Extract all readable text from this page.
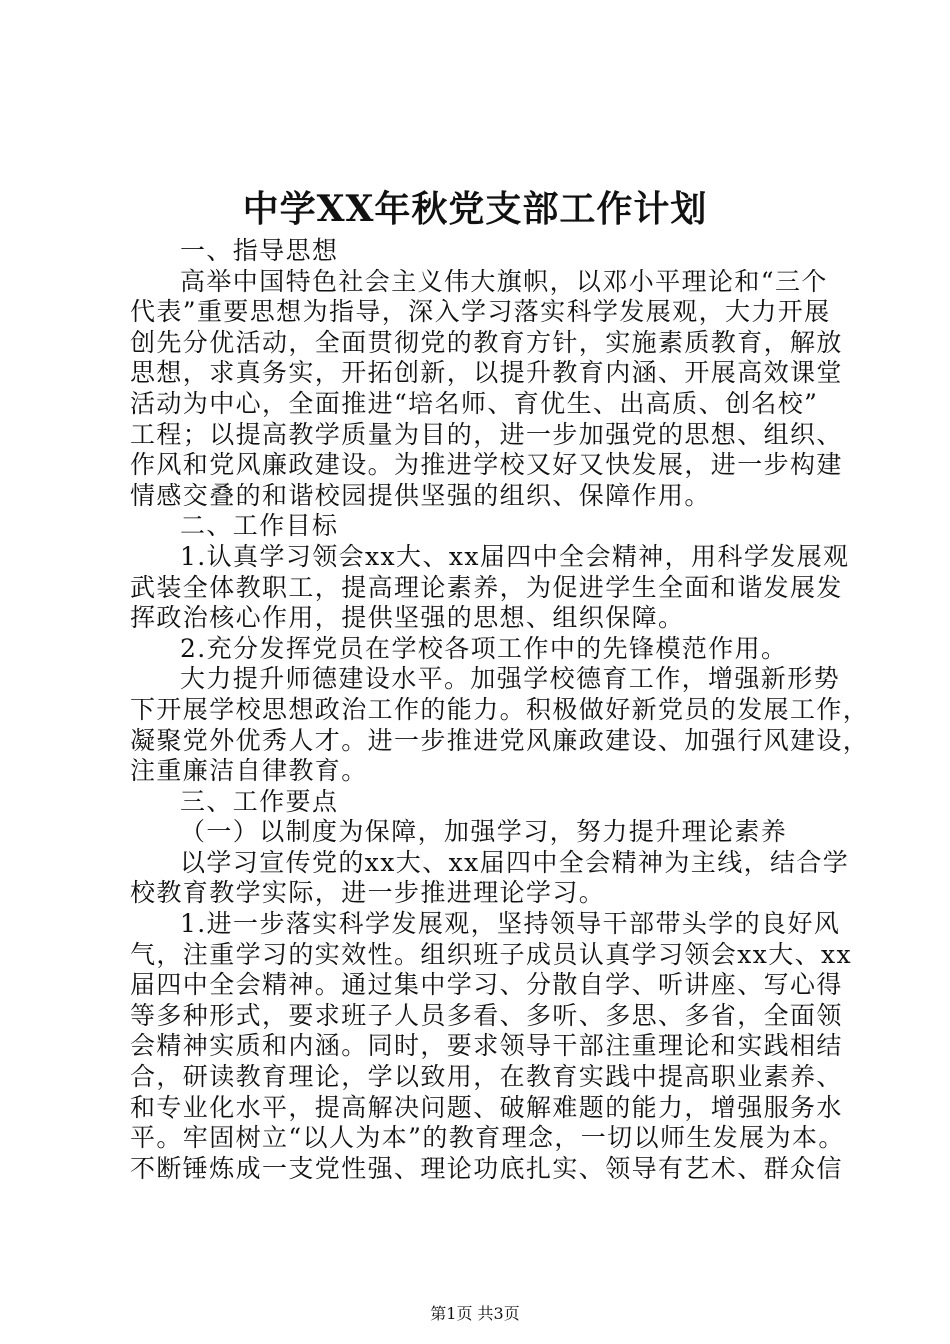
中学XX年秋党支部工作计划
一、指导思想
高举中国特色社会主义伟大旗帜，以邓小平理论和“三个
代表”重要思想为指导，深入学习落实科学发展观，大力开展
创先分优活动，全面贯彻党的教育方针，实施素质教育，解放
思想，求真务实，开拓创新，以提升教育内涵、开展高效课堂
活动为中心，全面推进“培名师、育优生、出高质、创名校”
工程；以提高教学质量为目的，进一步加强党的思想、组织、
作风和党风廉政建设。为推进学校又好又快发展，进一步构建
情感交叠的和谐校园提供坚强的组织、保障作用。
二、工作目标
1.认真学习领会xx大、xx届四中全会精神，用科学发展观
武装全体教职工，提高理论素养，为促进学生全面和谐发展发
挥政治核心作用，提供坚强的思想、组织保障。
2.充分发挥党员在学校各项工作中的先锋模范作用。
大力提升师德建设水平。加强学校德育工作，增强新形势
下开展学校思想政治工作的能力。积极做好新党员的发展工作，
凝聚党外优秀人才。进一步推进党风廉政建设、加强行风建设，
注重廉洁自律教育。
三、工作要点
（一）以制度为保障，加强学习，努力提升理论素养
以学习宣传党的xx大、xx届四中全会精神为主线，结合学
校教育教学实际，进一步推进理论学习。
1.进一步落实科学发展观，坚持领导干部带头学的良好风
气，注重学习的实效性。组织班子成员认真学习领会xx大、xx
届四中全会精神。通过集中学习、分散自学、听讲座、写心得
等多种形式，要求班子人员多看、多听、多思、多省，全面领
会精神实质和内涵。同时，要求领导干部注重理论和实践相结
合，研读教育理论，学以致用，在教育实践中提高职业素养、
和专业化水平，提高解决问题、破解难题的能力，增强服务水
平。牢固树立“以人为本”的教育理念，一切以师生发展为本。
不断锤炼成一支党性强、理论功底扎实、领导有艺术、群众信
第1页 共3页
